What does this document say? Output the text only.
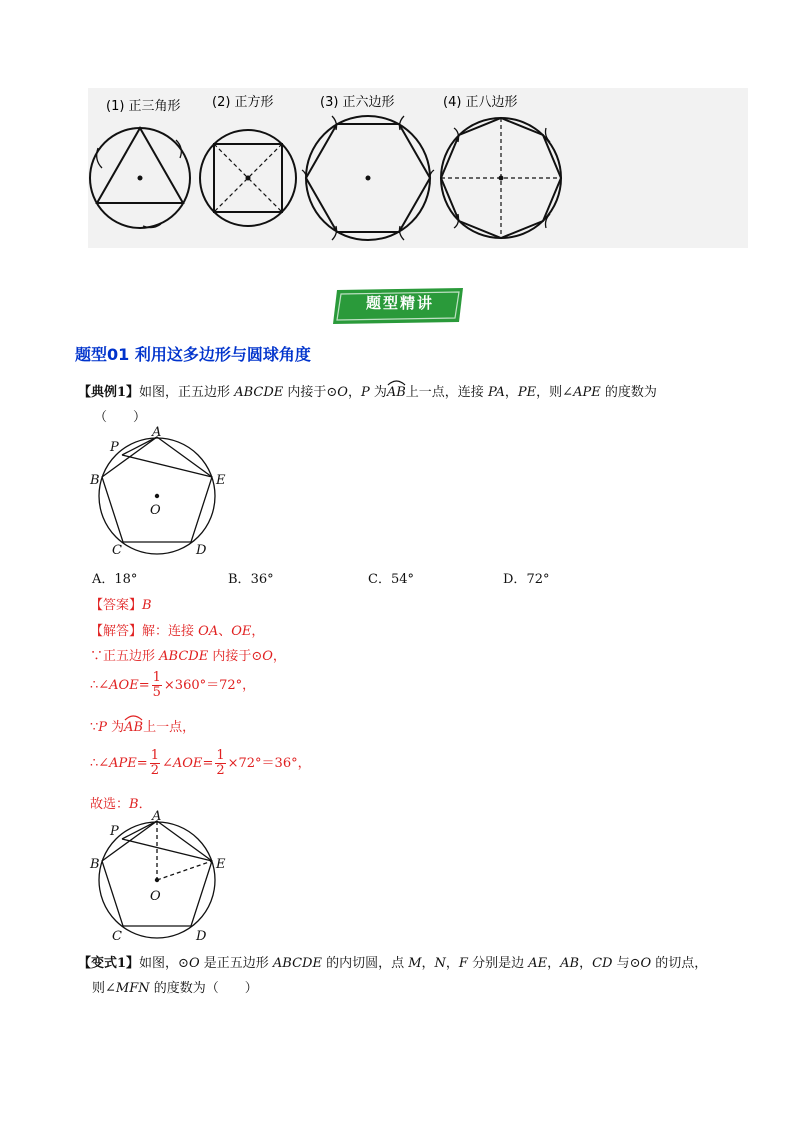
(1) 正三角形 (2) 正方形	(3) 正六边形	(4) 正八边形
题型精讲
题型01 利用这多边形与圆球角度
【典例1】如图，正五边形 ABCDE 内接于⊙O，P 为
AB上一点，连接 PA，PE，则∠APE 的度数为
（　　）
A
P
B	E
O
C	D
A．18°	B．36°	C．54°	D．72°
【答案】B
【解答】解：连接 OA、OE，
∵正五边形 ABCDE 内接于⊙O，
∴∠AOE= $\frac{1}{5} \times 360^\circ=72^\circ$，
∵P 为
AB上一点，
∴∠APE= $\frac{1}{2}$ ∠AOE= $\frac{1}{2} \times 72^\circ=36^\circ$，
故选：B．
A
P
B	E
O
C	D
【变式1】如图，⊙O 是正五边形 ABCDE 的内切圆，点 M，N，F 分别是边 AE，AB，CD 与⊙O 的切点，
则∠MFN 的度数为（　　）
